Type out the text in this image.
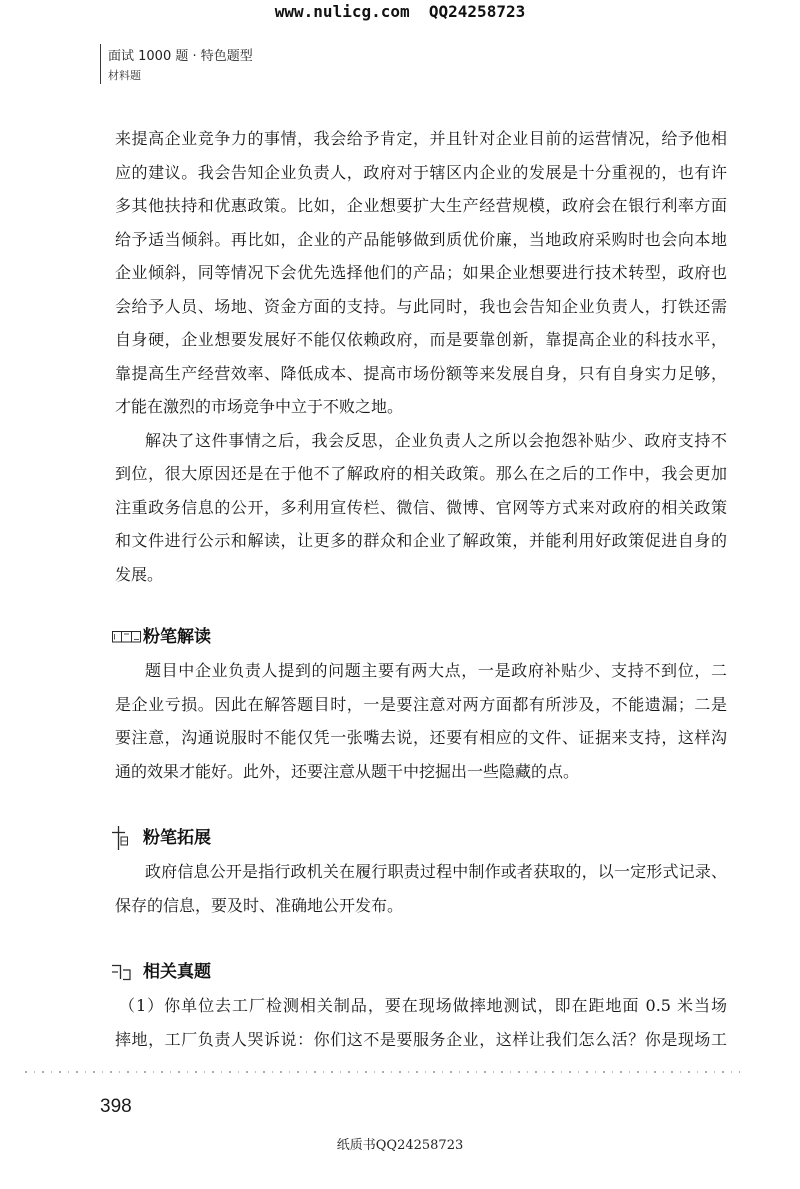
www.nulicg.com  QQ24258723
面试 1000 题 · 特色题型
材料题
来提高企业竞争力的事情，我会给予肯定，并且针对企业目前的运营情况，给予他相
应的建议。我会告知企业负责人，政府对于辖区内企业的发展是十分重视的，也有许
多其他扶持和优惠政策。比如，企业想要扩大生产经营规模，政府会在银行利率方面
给予适当倾斜。再比如，企业的产品能够做到质优价廉，当地政府采购时也会向本地
企业倾斜，同等情况下会优先选择他们的产品；如果企业想要进行技术转型，政府也
会给予人员、场地、资金方面的支持。与此同时，我也会告知企业负责人，打铁还需
自身硬，企业想要发展好不能仅依赖政府，而是要靠创新，靠提高企业的科技水平，
靠提高生产经营效率、降低成本、提高市场份额等来发展自身，只有自身实力足够，
才能在激烈的市场竞争中立于不败之地。
解决了这件事情之后，我会反思，企业负责人之所以会抱怨补贴少、政府支持不
到位，很大原因还是在于他不了解政府的相关政策。那么在之后的工作中，我会更加
注重政务信息的公开，多利用宣传栏、微信、微博、官网等方式来对政府的相关政策
和文件进行公示和解读，让更多的群众和企业了解政策，并能利用好政策促进自身的
发展。
粉笔解读
题目中企业负责人提到的问题主要有两大点，一是政府补贴少、支持不到位，二
是企业亏损。因此在解答题目时，一是要注意对两方面都有所涉及，不能遗漏；二是
要注意，沟通说服时不能仅凭一张嘴去说，还要有相应的文件、证据来支持，这样沟
通的效果才能好。此外，还要注意从题干中挖掘出一些隐藏的点。
粉笔拓展
政府信息公开是指行政机关在履行职责过程中制作或者获取的，以一定形式记录、
保存的信息，要及时、准确地公开发布。
相关真题
（1）你单位去工厂检测相关制品，要在现场做摔地测试，即在距地面 0.5 米当场
摔地，工厂负责人哭诉说：你们这不是要服务企业，这样让我们怎么活？你是现场工
398
纸质书QQ24258723
